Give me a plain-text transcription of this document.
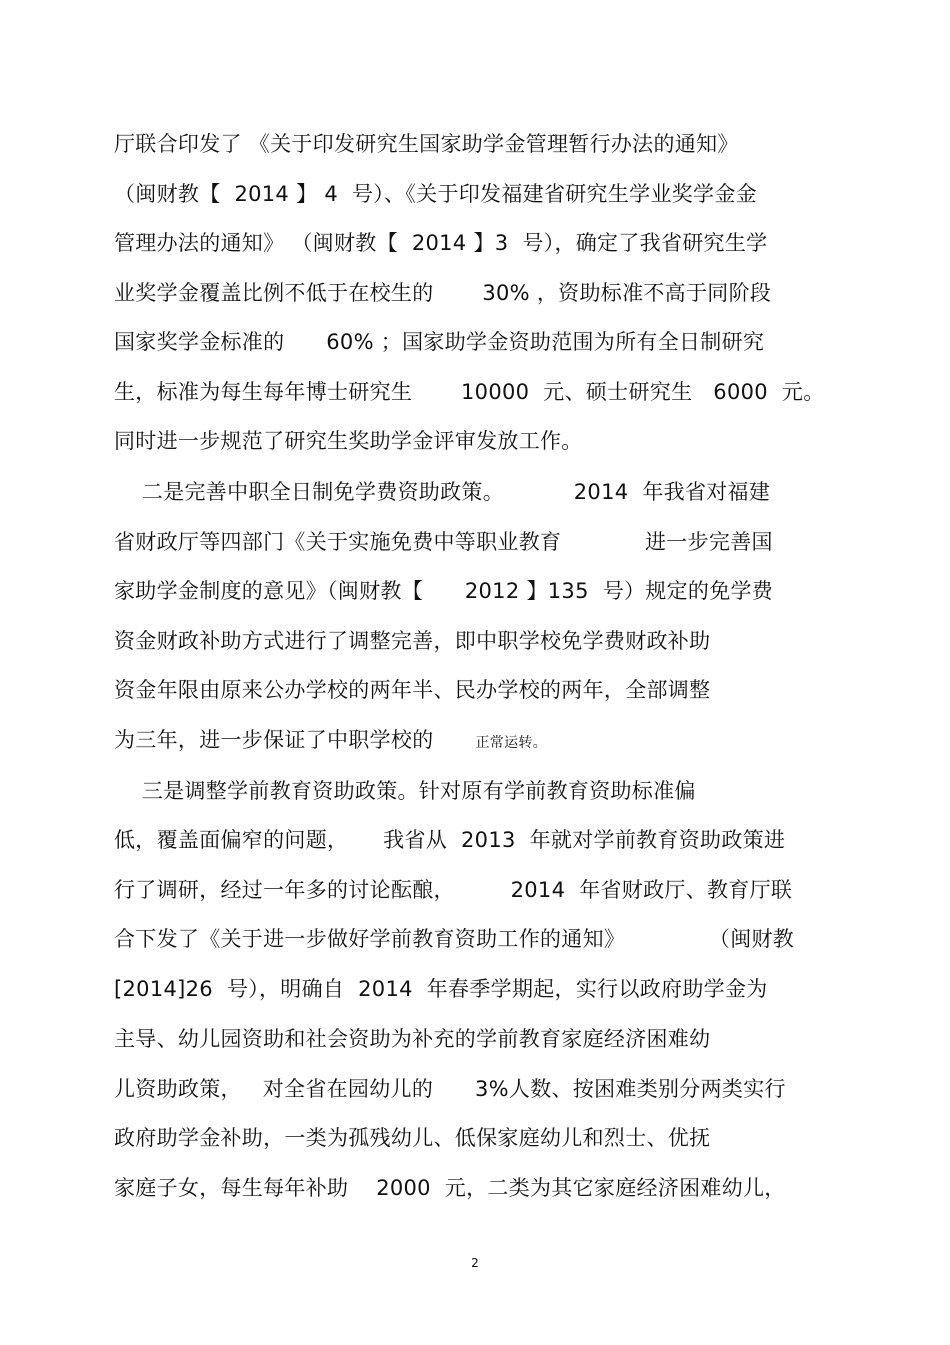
厅联合印发了 《关于印发研究生国家助学金管理暂行办法的通知》
（闽财教【  2014 】 4  号）、《关于印发福建省研究生学业奖学金金
管理办法的通知》 （闽财教【  2014 】3  号），确定了我省研究生学
业奖学金覆盖比例不低于在校生的       30% ，资助标准不高于同阶段
国家奖学金标准的      60% ；国家助学金资助范围为所有全日制研究
生，标准为每生每年博士研究生       10000  元、硕士研究生   6000  元。
同时进一步规范了研究生奖助学金评审发放工作。
二是完善中职全日制免学费资助政策。          2014  年我省对福建
省财政厅等四部门《关于实施免费中等职业教育            进一步完善国
家助学金制度的意见》（闽财教【      2012 】135  号）规定的免学费
资金财政补助方式进行了调整完善，即中职学校免学费财政补助
资金年限由原来公办学校的两年半、民办学校的两年，全部调整
为三年，进一步保证了中职学校的	正常运转。
三是调整学前教育资助政策。针对原有学前教育资助标准偏
低，覆盖面偏窄的问题，     我省从  2013  年就对学前教育资助政策进
行了调研，经过一年多的讨论酝酿，        2014  年省财政厅、教育厅联
合下发了《关于进一步做好学前教育资助工作的通知》            （闽财教
[2014]26  号），明确自  2014  年春季学期起，实行以政府助学金为
主导、幼儿园资助和社会资助为补充的学前教育家庭经济困难幼
儿资助政策，   对全省在园幼儿的      3%人数、按困难类别分两类实行
政府助学金补助，一类为孤残幼儿、低保家庭幼儿和烈士、优抚
家庭子女，每生每年补助    2000  元，二类为其它家庭经济困难幼儿，
2
